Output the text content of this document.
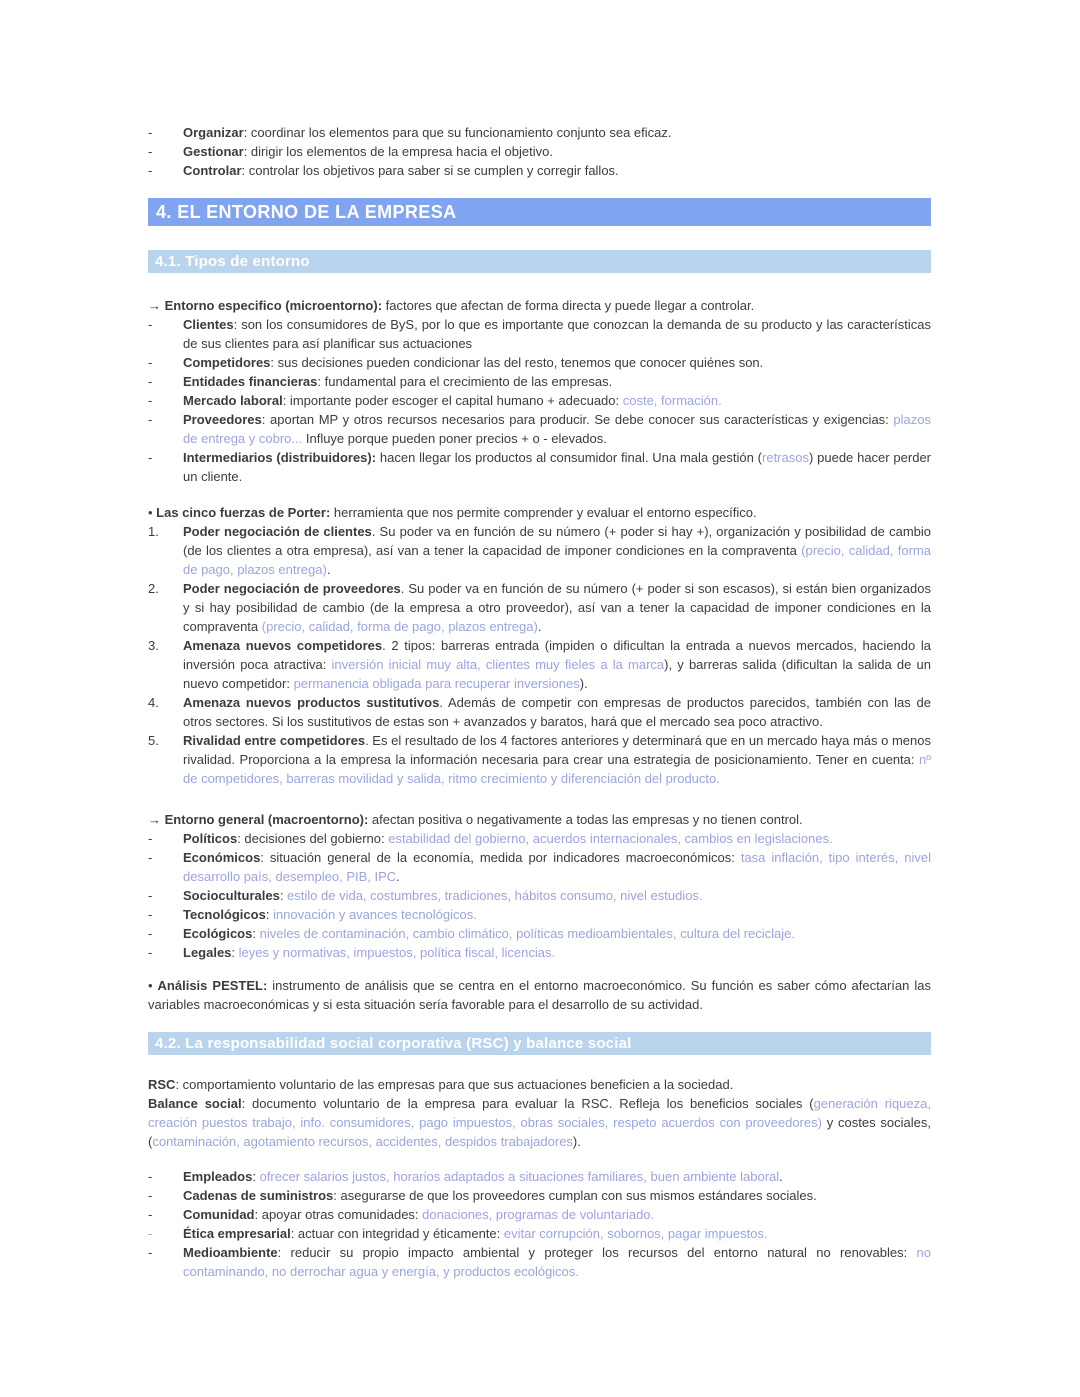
-	Organizar: coordinar los elementos para que su funcionamiento conjunto sea eficaz.
-	Gestionar: dirigir los elementos de la empresa hacia el objetivo.
-	Controlar: controlar los objetivos para saber si se cumplen y corregir fallos.
4. EL ENTORNO DE LA EMPRESA
4.1. Tipos de entorno

→ Entorno especifico (microentorno): factores que afectan de forma directa y puede llegar a controlar.

-	Clientes: son los consumidores de ByS, por lo que es importante que conozcan la demanda de su producto y las características de sus clientes para así planificar sus actuaciones
-	Competidores: sus decisiones pueden condicionar las del resto, tenemos que conocer quiénes son.
-	Entidades financieras: fundamental para el crecimiento de las empresas.
-	Mercado laboral: importante poder escoger el capital humano + adecuado: coste, formación.
-	Proveedores: aportan MP y otros recursos necesarios para producir. Se debe conocer sus características y exigencias: plazos de entrega y cobro... Influye porque pueden poner precios + o - elevados.
-	Intermediarios (distribuidores): hacen llegar los productos al consumidor final. Una mala gestión (retrasos) puede hacer perder un cliente.

• Las cinco fuerzas de Porter: herramienta que nos permite comprender y evaluar el entorno específico.

1.	Poder negociación de clientes. Su poder va en función de su número (+ poder si hay +), organización y posibilidad de cambio (de los clientes a otra empresa), así van a tener la capacidad de imponer condiciones en la compraventa (precio, calidad, forma de pago, plazos entrega).
2.	Poder negociación de proveedores. Su poder va en función de su número (+ poder si son escasos), si están bien organizados y si hay posibilidad de cambio (de la empresa a otro proveedor), así van a tener la capacidad de imponer condiciones en la compraventa (precio, calidad, forma de pago, plazos entrega).
3.	Amenaza nuevos competidores. 2 tipos: barreras entrada (impiden o dificultan la entrada a nuevos mercados, haciendo la inversión poca atractiva: inversión inicial muy alta, clientes muy fieles a la marca), y barreras salida (dificultan la salida de un nuevo competidor: permanencia obligada para recuperar inversiones).
4.	Amenaza nuevos productos sustitutivos. Además de competir con empresas de productos parecidos, también con las de otros sectores. Si los sustitutivos de estas son + avanzados y baratos, hará que el mercado sea poco atractivo.
5.	Rivalidad entre competidores. Es el resultado de los 4 factores anteriores y determinará que en un mercado haya más o menos rivalidad. Proporciona a la empresa la información necesaria para crear una estrategia de posicionamiento. Tener en cuenta: nº de competidores, barreras movilidad y salida, ritmo crecimiento y diferenciación del producto.

→ Entorno general (macroentorno): afectan positiva o negativamente a todas las empresas y no tienen control.

-	Políticos: decisiones del gobierno: estabilidad del gobierno, acuerdos internacionales, cambios en legislaciones.
-	Económicos: situación general de la economía, medida por indicadores macroeconómicos: tasa inflación, tipo interés, nivel desarrollo país, desempleo, PIB, IPC.
-	Socioculturales: estilo de vida, costumbres, tradiciones, hábitos consumo, nivel estudios.
-	Tecnológicos: innovación y avances tecnológicos.
-	Ecológicos: niveles de contaminación, cambio climático, políticas medioambientales, cultura del reciclaje.
-	Legales: leyes y normativas, impuestos, política fiscal, licencias.

• Análisis PESTEL: instrumento de análisis que se centra en el entorno macroeconómico. Su función es saber cómo afectarían las variables macroeconómicas y si esta situación sería favorable para el desarrollo de su actividad.

4.2. La responsabilidad social corporativa (RSC) y balance social

RSC: comportamiento voluntario de las empresas para que sus actuaciones beneficien a la sociedad.

Balance social: documento voluntario de la empresa para evaluar la RSC. Refleja los beneficios sociales (generación riqueza, creación puestos trabajo, info. consumidores, pago impuestos, obras sociales, respeto acuerdos con proveedores) y costes sociales, (contaminación, agotamiento recursos, accidentes, despidos trabajadores).

-	Empleados: ofrecer salarios justos, horarios adaptados a situaciones familiares, buen ambiente laboral.
-	Cadenas de suministros: asegurarse de que los proveedores cumplan con sus mismos estándares sociales.
-	Comunidad: apoyar otras comunidades: donaciones, programas de voluntariado.
-	Ética empresarial: actuar con integridad y éticamente: evitar corrupción, sobornos, pagar impuestos.
-	Medioambiente: reducir su propio impacto ambiental y proteger los recursos del entorno natural no renovables: no contaminando, no derrochar agua y energía, y productos ecológicos.
